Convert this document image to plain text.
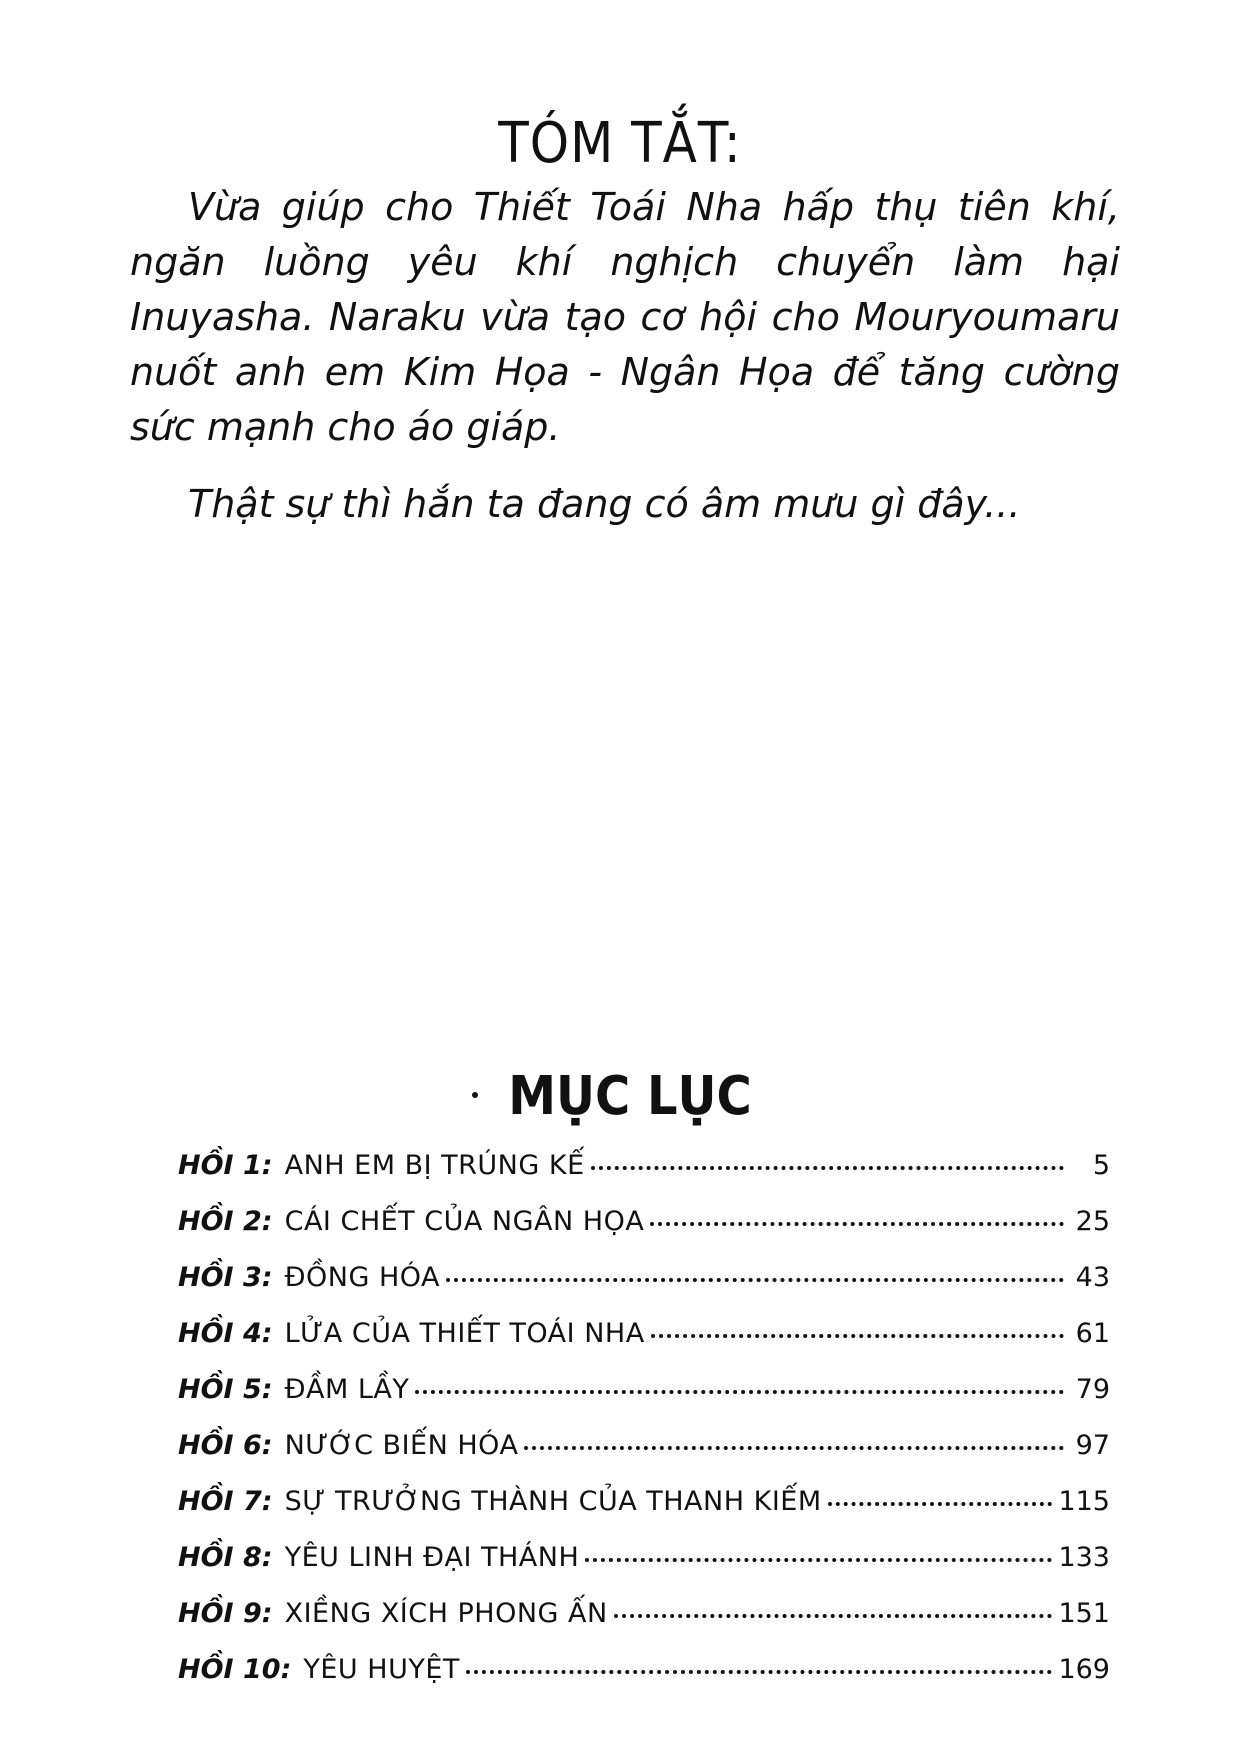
TÓM TẮT:

Vừa giúp cho Thiết Toái Nha hấp thụ tiên khí, ngăn luồng yêu khí nghịch chuyển làm hại Inuyasha. Naraku vừa tạo cơ hội cho Mouryoumaru nuốt anh em Kim Họa - Ngân Họa để tăng cường sức mạnh cho áo giáp.

Thật sự thì hắn ta đang có âm mưu gì đây...

MỤC LỤC
HỒI 1: ANH EM BỊ TRÚNG KẾ	5
HỒI 2: CÁI CHẾT CỦA NGÂN HỌA	25
HỒI 3: ĐỒNG HÓA	43
HỒI 4: LỬA CỦA THIẾT TOÁI NHA	61
HỒI 5: ĐẦM LẦY	79
HỒI 6: NƯỚC BIẾN HÓA	97
HỒI 7: SỰ TRƯỞNG THÀNH CỦA THANH KIẾM	115
HỒI 8: YÊU LINH ĐẠI THÁNH	133
HỒI 9: XIỀNG XÍCH PHONG ẤN	151
HỒI 10: YÊU HUYỆT	169
